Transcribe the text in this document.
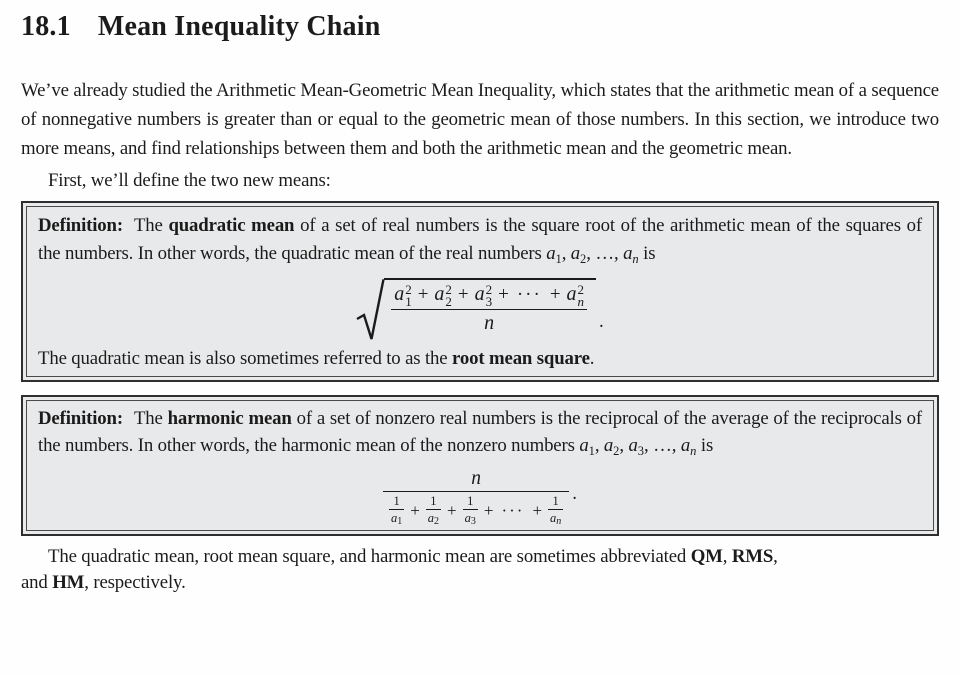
18.1 Mean Inequality Chain

We’ve already studied the Arithmetic Mean-Geometric Mean Inequality, which states that the arithmetic mean of a sequence of nonnegative numbers is greater than or equal to the geometric mean of those numbers. In this section, we introduce two more means, and find relationships between them and both the arithmetic mean and the geometric mean.

First, we’ll define the two new means:

Definition: The quadratic mean of a set of real numbers is the square root of the arithmetic mean of the squares of the numbers. In other words, the quadratic mean of the real numbers $a_1$, $a_2$, …, $a_n$ is

a 2
1 + a 2
2 + a 2
3 + ··· + a 2
n
n .

The quadratic mean is also sometimes referred to as the root mean square.

Definition: The harmonic mean of a set of nonzero real numbers is the reciprocal of the average of the reciprocals of the numbers. In other words, the harmonic mean of the nonzero numbers $a_1$, $a_2$, $a_3$, …, $a_n$ is

n
1
a1
+ $\frac{1}{a2} + \frac{1}{a3}$ + ··· + $\frac{1}{an}$ .

The quadratic mean, root mean square, and harmonic mean are sometimes abbreviated QM, RMS,
and HM, respectively.
